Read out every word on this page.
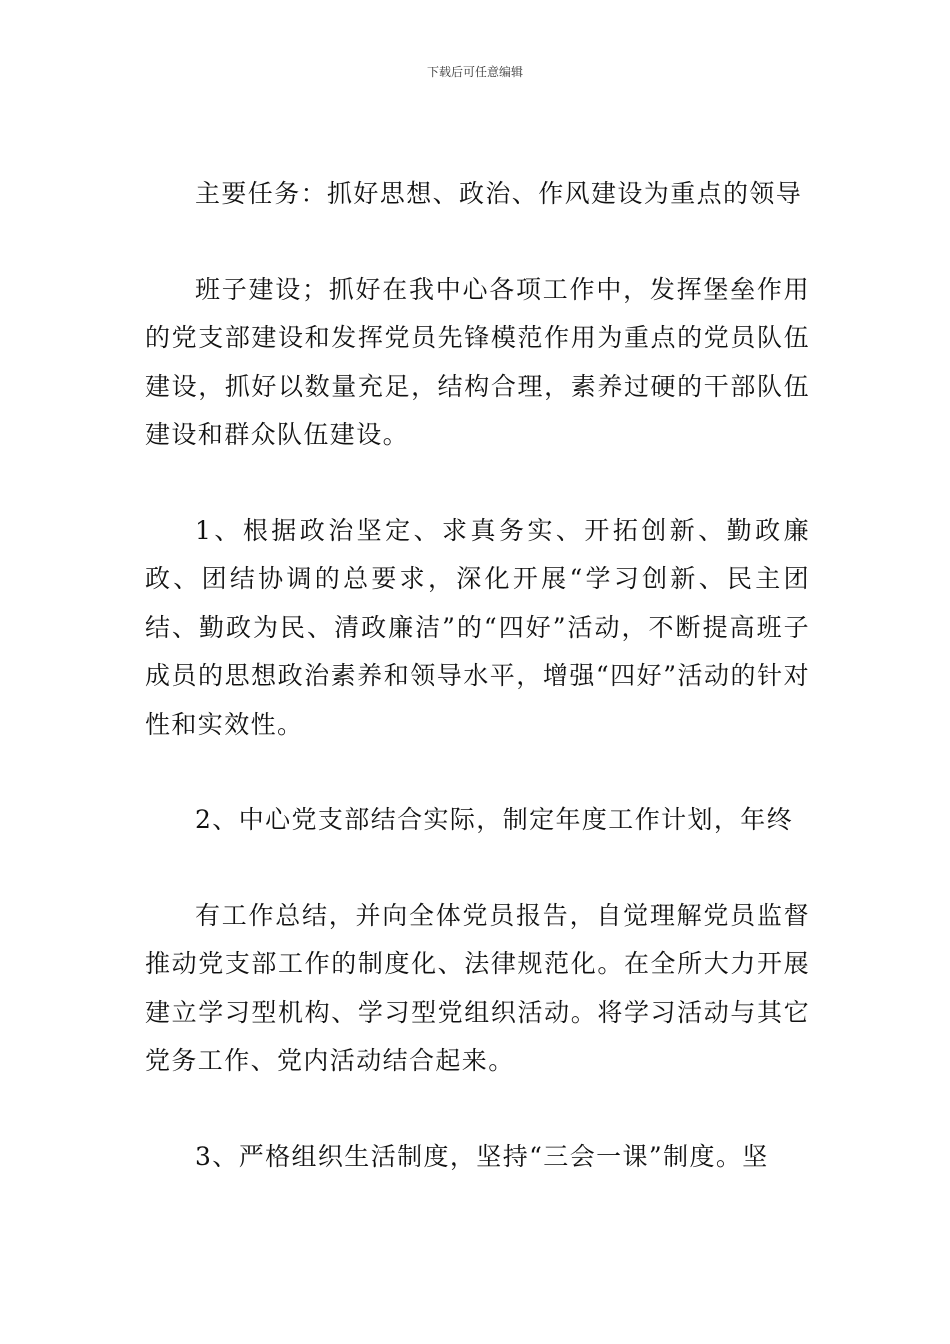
下载后可任意编辑

主要任务：抓好思想、政治、作风建设为重点的领导

班子建设；抓好在我中心各项工作中，发挥堡垒作用的党支部建设和发挥党员先锋模范作用为重点的党员队伍建设，抓好以数量充足，结构合理，素养过硬的干部队伍建设和群众队伍建设。

1、根据政治坚定、求真务实、开拓创新、勤政廉政、团结协调的总要求，深化开展“学习创新、民主团结、勤政为民、清政廉洁”的“四好”活动，不断提高班子成员的思想政治素养和领导水平，增强“四好”活动的针对性和实效性。

2、中心党支部结合实际，制定年度工作计划，年终

有工作总结，并向全体党员报告，自觉理解党员监督推动党支部工作的制度化、法律规范化。在全所大力开展建立学习型机构、学习型党组织活动。将学习活动与其它党务工作、党内活动结合起来。

3、严格组织生活制度，坚持“三会一课”制度。坚
